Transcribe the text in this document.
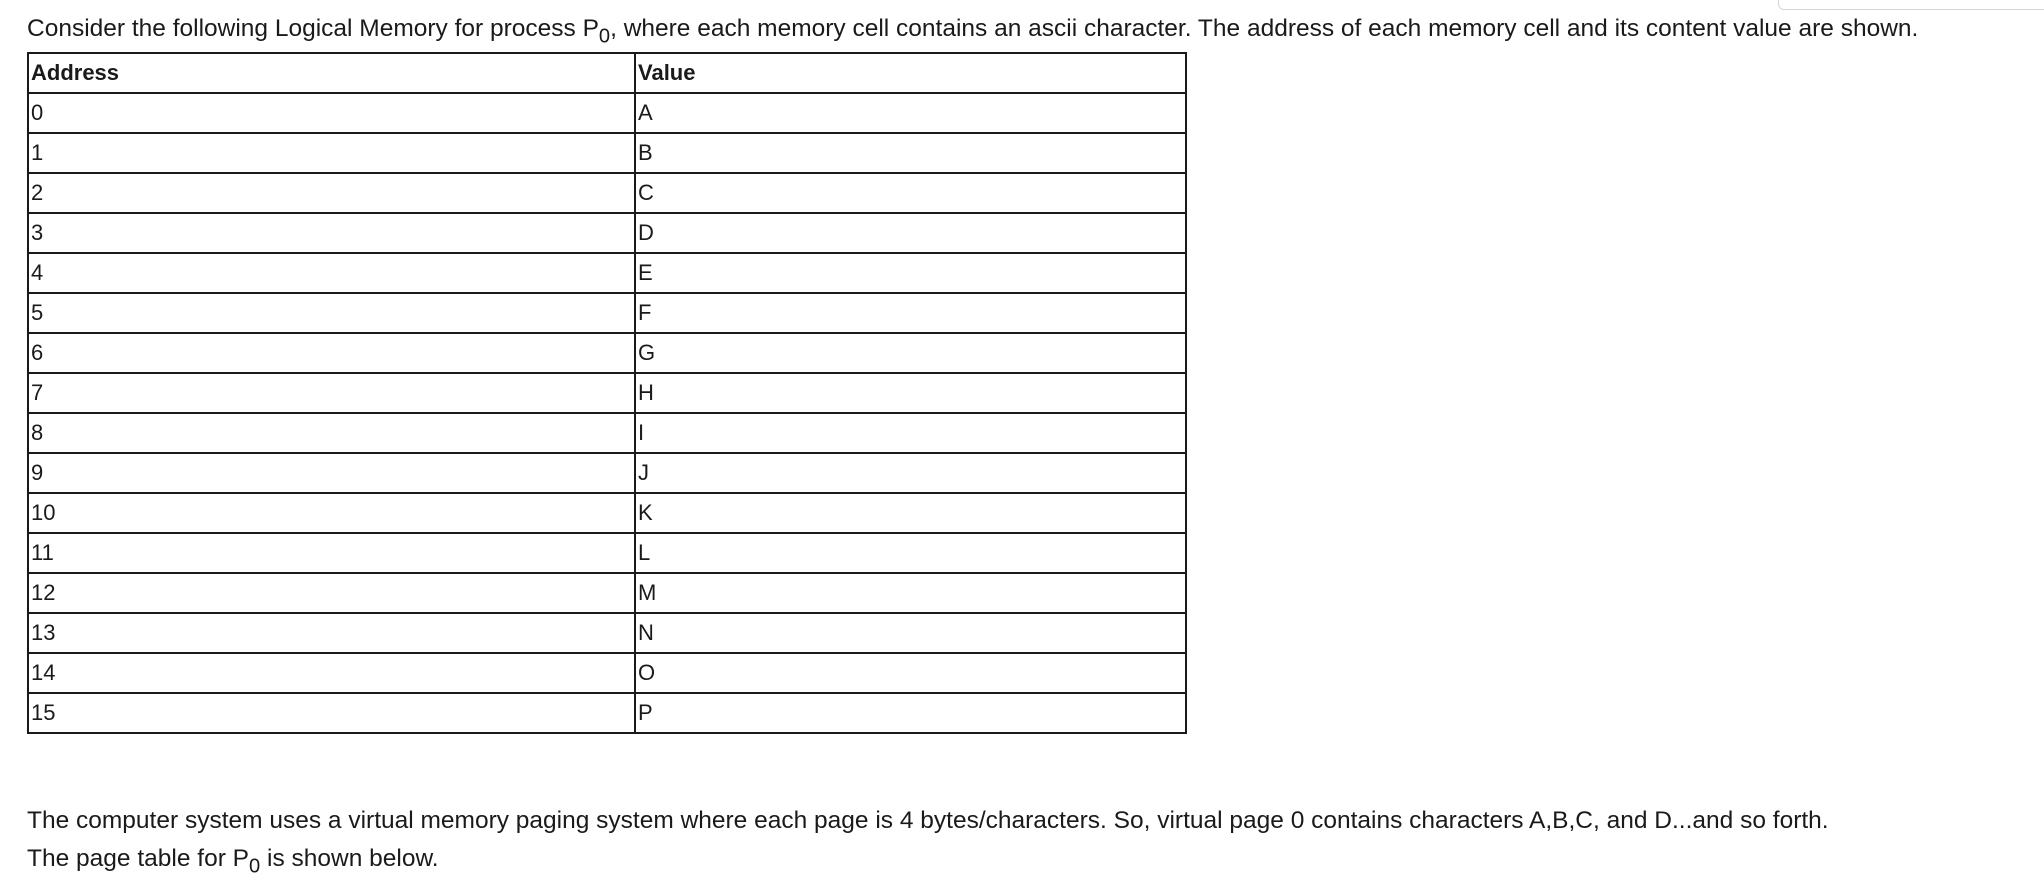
Consider the following Logical Memory for process $P_0$, where each memory cell contains an ascii character. The address of each memory cell and its content value are shown.

Address	Value
0	A
1	B
2	C
3	D
4	E
5	F
6	G
7	H
8	I
9	J
10	K
11	L
12	M
13	N
14	O
15	P

The computer system uses a virtual memory paging system where each page is 4 bytes/characters. So, virtual page 0 contains characters A,B,C, and D...and so forth.

The page table for $P_0$ is shown below.
